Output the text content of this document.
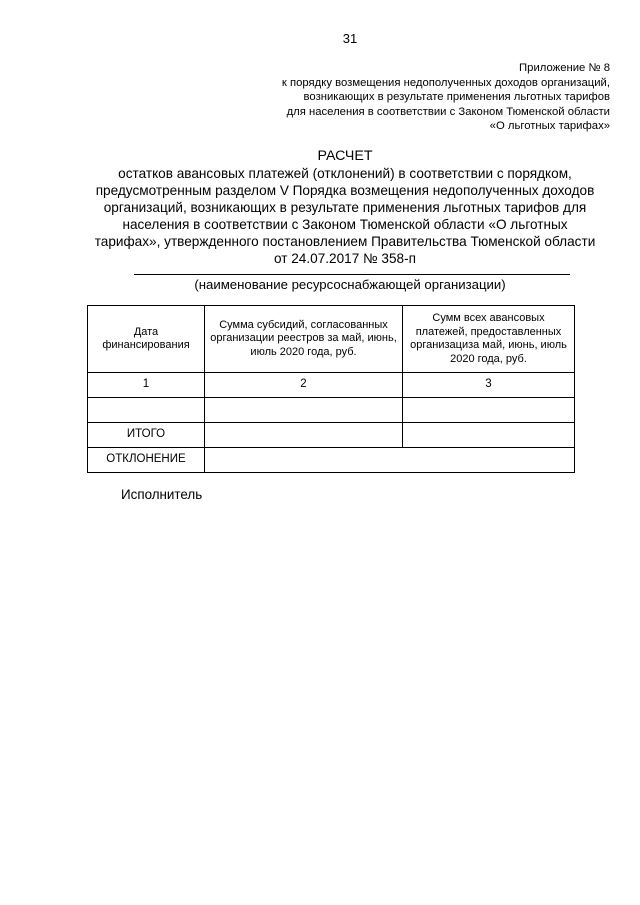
31
Приложение № 8
к порядку возмещения недополученных доходов организаций,
возникающих в результате применения льготных тарифов
для населения в соответствии с Законом Тюменской области
«О льготных тарифах»
РАСЧЕТ
остатков авансовых платежей (отклонений) в соответствии с порядком,
предусмотренным разделом V Порядка возмещения недополученных доходов
организаций, возникающих в результате применения льготных тарифов для
населения в соответствии с Законом Тюменской области «О льготных
тарифах», утвержденного постановлением Правительства Тюменской области
от 24.07.2017 № 358-п
(наименование ресурсоснабжающей организации)
Дата финансирования	Сумма субсидий, согласованных организации реестров за май, июнь, июль 2020 года, руб.	Сумм всех авансовых платежей, предоставленных организациза май, июнь, июль 2020 года, руб.
1	2	3

ИТОГО		
ОТКЛОНЕНИЕ		
Исполнитель
